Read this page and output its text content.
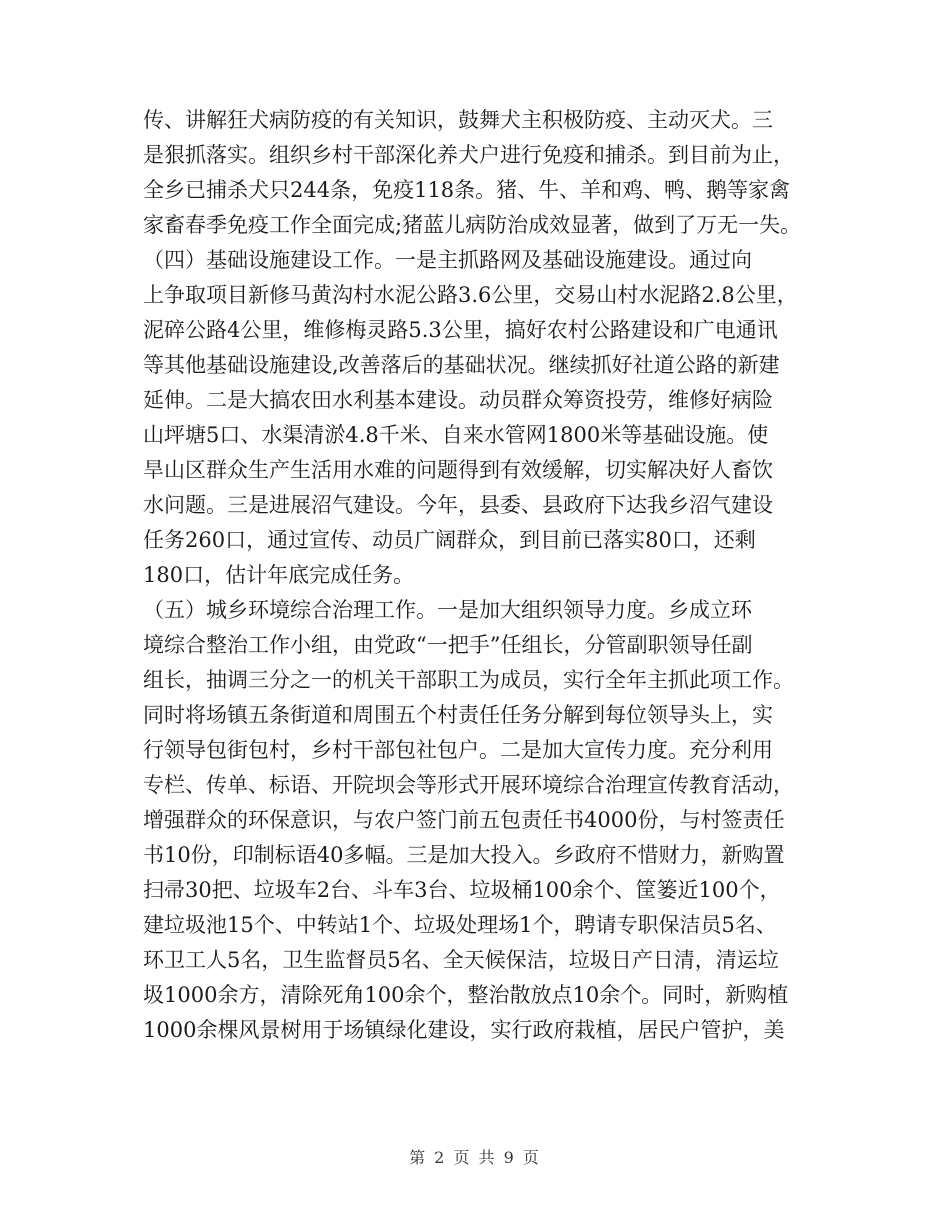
传、讲解狂犬病防疫的有关知识，鼓舞犬主积极防疫、主动灭犬。三
是狠抓落实。组织乡村干部深化养犬户进行免疫和捕杀。到目前为止，
全乡已捕杀犬只244条，免疫118条。猪、牛、羊和鸡、鸭、鹅等家禽
家畜春季免疫工作全面完成;猪蓝儿病防治成效显著，做到了万无一失。
（四）基础设施建设工作。一是主抓路网及基础设施建设。通过向
上争取项目新修马黄沟村水泥公路3.6公里，交易山村水泥路2.8公里，
泥碎公路4公里，维修梅灵路5.3公里，搞好农村公路建设和广电通讯
等其他基础设施建设,改善落后的基础状况。继续抓好社道公路的新建
延伸。二是大搞农田水利基本建设。动员群众筹资投劳，维修好病险
山坪塘5口、水渠清淤4.8千米、自来水管网1800米等基础设施。使
旱山区群众生产生活用水难的问题得到有效缓解，切实解决好人畜饮
水问题。三是进展沼气建设。今年，县委、县政府下达我乡沼气建设
任务260口，通过宣传、动员广阔群众，到目前已落实80口，还剩
180口，估计年底完成任务。
（五）城乡环境综合治理工作。一是加大组织领导力度。乡成立环
境综合整治工作小组，由党政“一把手”任组长，分管副职领导任副
组长，抽调三分之一的机关干部职工为成员，实行全年主抓此项工作。
同时将场镇五条街道和周围五个村责任任务分解到每位领导头上，实
行领导包街包村，乡村干部包社包户。二是加大宣传力度。充分利用
专栏、传单、标语、开院坝会等形式开展环境综合治理宣传教育活动，
增强群众的环保意识，与农户签门前五包责任书4000份，与村签责任
书10份，印制标语40多幅。三是加大投入。乡政府不惜财力，新购置
扫帚30把、垃圾车2台、斗车3台、垃圾桶100余个、筐篓近100个，
建垃圾池15个、中转站1个、垃圾处理场1个，聘请专职保洁员5名、
环卫工人5名，卫生监督员5名、全天候保洁，垃圾日产日清，清运垃
圾1000余方，清除死角100余个，整治散放点10余个。同时，新购植
1000余棵风景树用于场镇绿化建设，实行政府栽植，居民户管护，美
第 2 页 共 9 页
